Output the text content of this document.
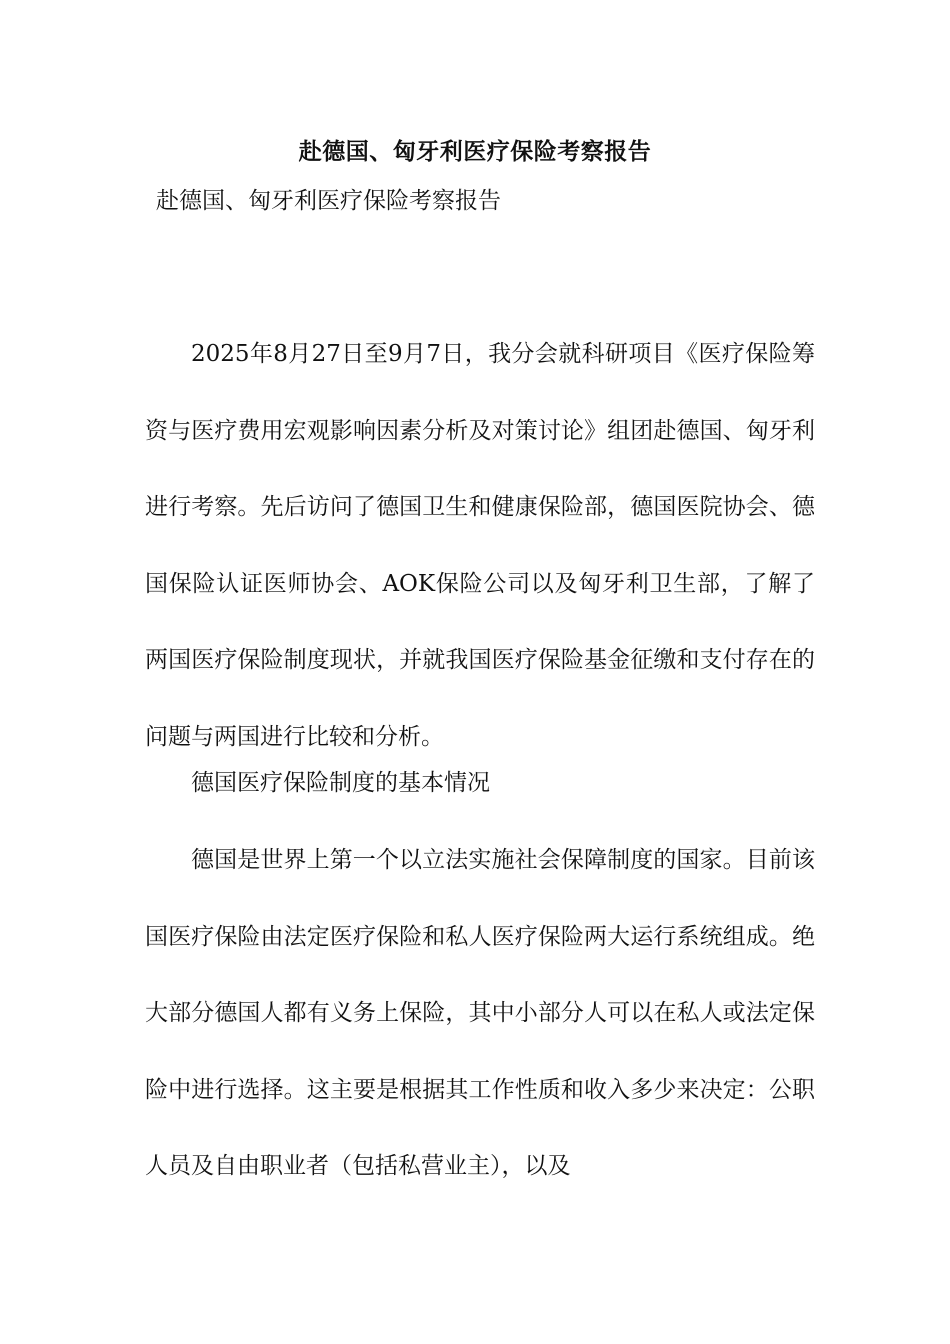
赴德国、匈牙利医疗保险考察报告
赴德国、匈牙利医疗保险考察报告

2025年8月27日至9月7日，我分会就科研项目《医疗保险筹资与医疗费用宏观影响因素分析及对策讨论》组团赴德国、匈牙利进行考察。先后访问了德国卫生和健康保险部，德国医院协会、德国保险认证医师协会、AOK保险公司以及匈牙利卫生部，了解了两国医疗保险制度现状，并就我国医疗保险基金征缴和支付存在的问题与两国进行比较和分析。

德国医疗保险制度的基本情况

德国是世界上第一个以立法实施社会保障制度的国家。目前该国医疗保险由法定医疗保险和私人医疗保险两大运行系统组成。绝大部分德国人都有义务上保险，其中小部分人可以在私人或法定保险中进行选择。这主要是根据其工作性质和收入多少来决定：公职人员及自由职业者（包括私营业主），以及
